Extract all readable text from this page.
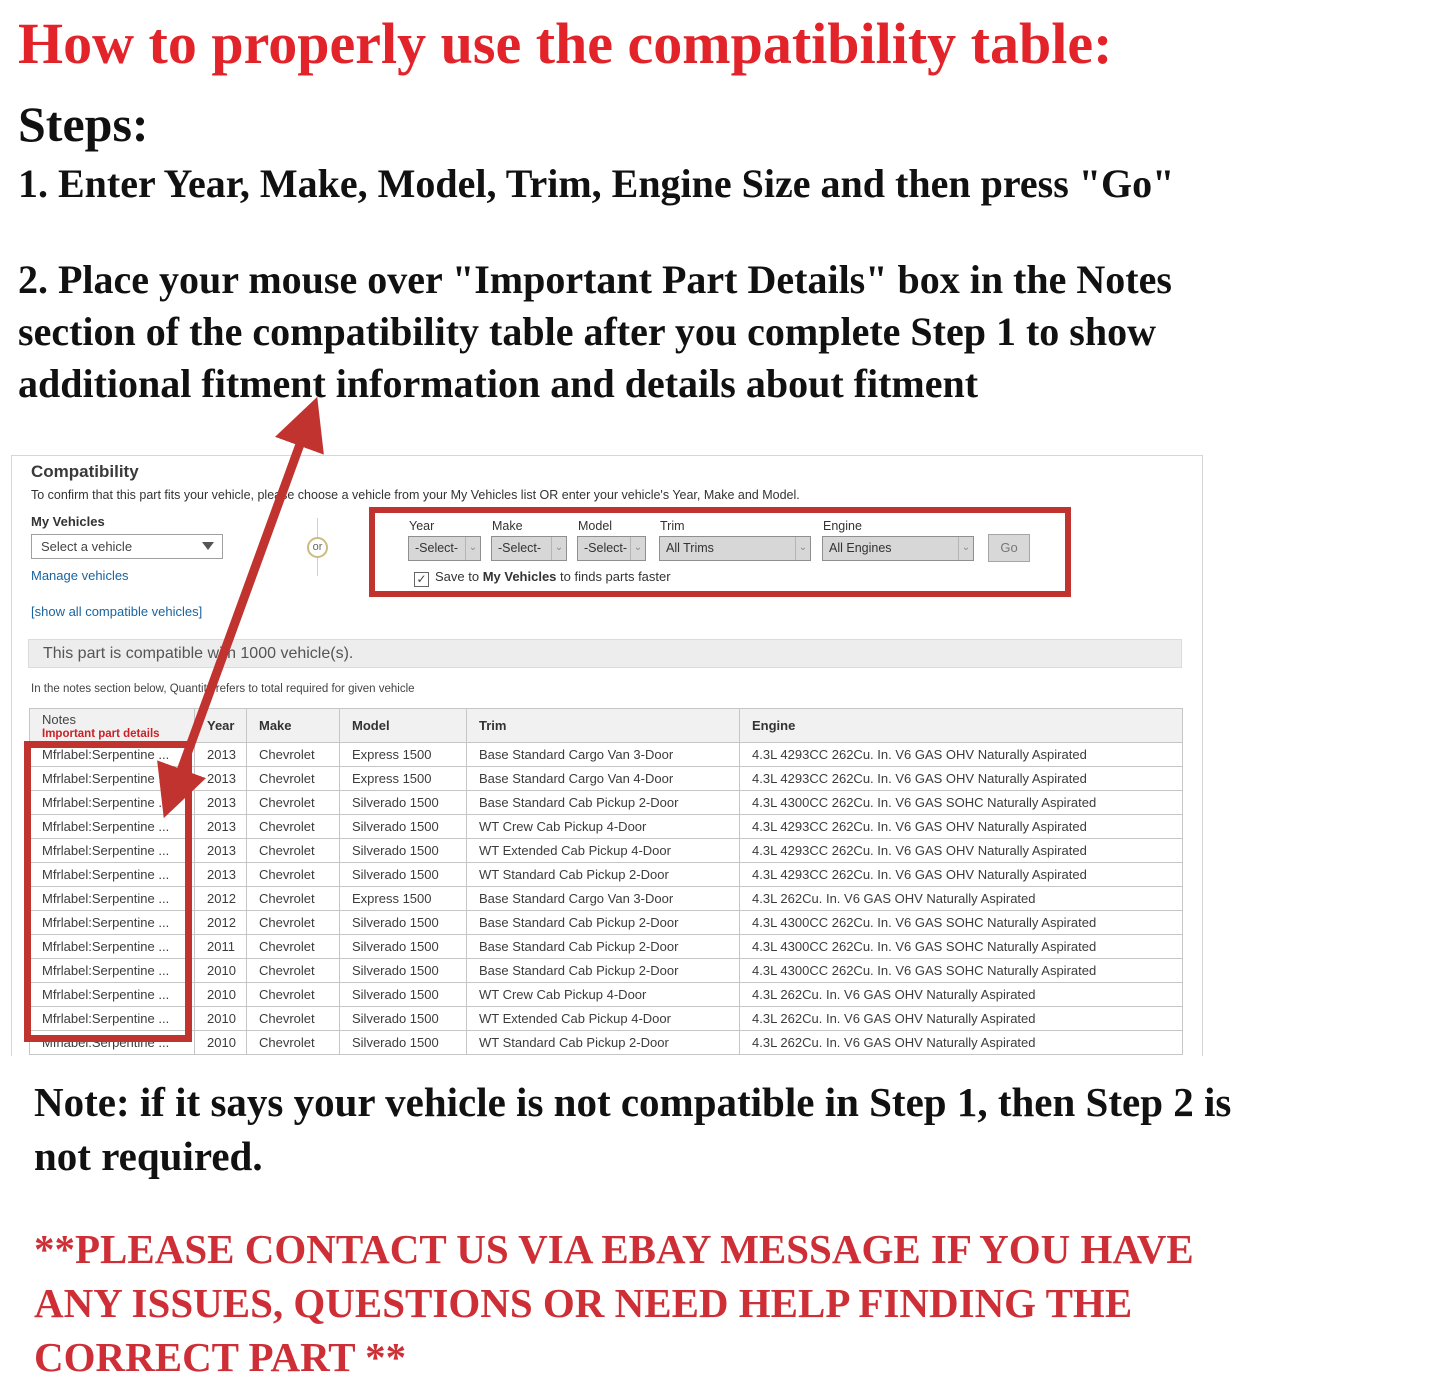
How to properly use the compatibility table:
Steps:
1. Enter Year, Make, Model, Trim, Engine Size and then press "Go"
2. Place your mouse over "Important Part Details" box in the Notes
section of the compatibility table after you complete Step 1 to show
additional fitment information and details about fitment
Compatibility
To confirm that this part fits your vehicle, please choose a vehicle from your My Vehicles list OR enter your vehicle's Year, Make and Model.
My Vehicles
Select a vehicle
Manage vehicles
[show all compatible vehicles]
or
Year
-Select-	⌄
Make
-Select-	⌄
Model
-Select- ⌄
Trim
All Trims	⌄
Engine
All Engines	⌄	Go
✓ Save to My Vehicles to finds parts faster
This part is compatible with 1000 vehicle(s).
In the notes section below, Quantity refers to total required for given vehicle
Notes
Important part details	Year	Make	Model	Trim	Engine
Mfrlabel:Serpentine ...	2013	Chevrolet	Express 1500	Base Standard Cargo Van 3-Door	4.3L 4293CC 262Cu. In. V6 GAS OHV Naturally Aspirated
Mfrlabel:Serpentine ...	2013	Chevrolet	Express 1500	Base Standard Cargo Van 4-Door	4.3L 4293CC 262Cu. In. V6 GAS OHV Naturally Aspirated
Mfrlabel:Serpentine ...	2013	Chevrolet	Silverado 1500	Base Standard Cab Pickup 2-Door	4.3L 4300CC 262Cu. In. V6 GAS SOHC Naturally Aspirated
Mfrlabel:Serpentine ...	2013	Chevrolet	Silverado 1500	WT Crew Cab Pickup 4-Door	4.3L 4293CC 262Cu. In. V6 GAS OHV Naturally Aspirated
Mfrlabel:Serpentine ...	2013	Chevrolet	Silverado 1500	WT Extended Cab Pickup 4-Door	4.3L 4293CC 262Cu. In. V6 GAS OHV Naturally Aspirated
Mfrlabel:Serpentine ...	2013	Chevrolet	Silverado 1500	WT Standard Cab Pickup 2-Door	4.3L 4293CC 262Cu. In. V6 GAS OHV Naturally Aspirated
Mfrlabel:Serpentine ...	2012	Chevrolet	Express 1500	Base Standard Cargo Van 3-Door	4.3L 262Cu. In. V6 GAS OHV Naturally Aspirated
Mfrlabel:Serpentine ...	2012	Chevrolet	Silverado 1500	Base Standard Cab Pickup 2-Door	4.3L 4300CC 262Cu. In. V6 GAS SOHC Naturally Aspirated
Mfrlabel:Serpentine ...	2011	Chevrolet	Silverado 1500	Base Standard Cab Pickup 2-Door	4.3L 4300CC 262Cu. In. V6 GAS SOHC Naturally Aspirated
Mfrlabel:Serpentine ...	2010	Chevrolet	Silverado 1500	Base Standard Cab Pickup 2-Door	4.3L 4300CC 262Cu. In. V6 GAS SOHC Naturally Aspirated
Mfrlabel:Serpentine ...	2010	Chevrolet	Silverado 1500	WT Crew Cab Pickup 4-Door	4.3L 262Cu. In. V6 GAS OHV Naturally Aspirated
Mfrlabel:Serpentine ...	2010	Chevrolet	Silverado 1500	WT Extended Cab Pickup 4-Door	4.3L 262Cu. In. V6 GAS OHV Naturally Aspirated
Mfrlabel:Serpentine ...	2010	Chevrolet	Silverado 1500	WT Standard Cab Pickup 2-Door	4.3L 262Cu. In. V6 GAS OHV Naturally Aspirated
Note: if it says your vehicle is not compatible in Step 1, then Step 2 is
not required.
**PLEASE CONTACT US VIA EBAY MESSAGE IF YOU HAVE
ANY ISSUES, QUESTIONS OR NEED HELP FINDING THE
CORRECT PART **
